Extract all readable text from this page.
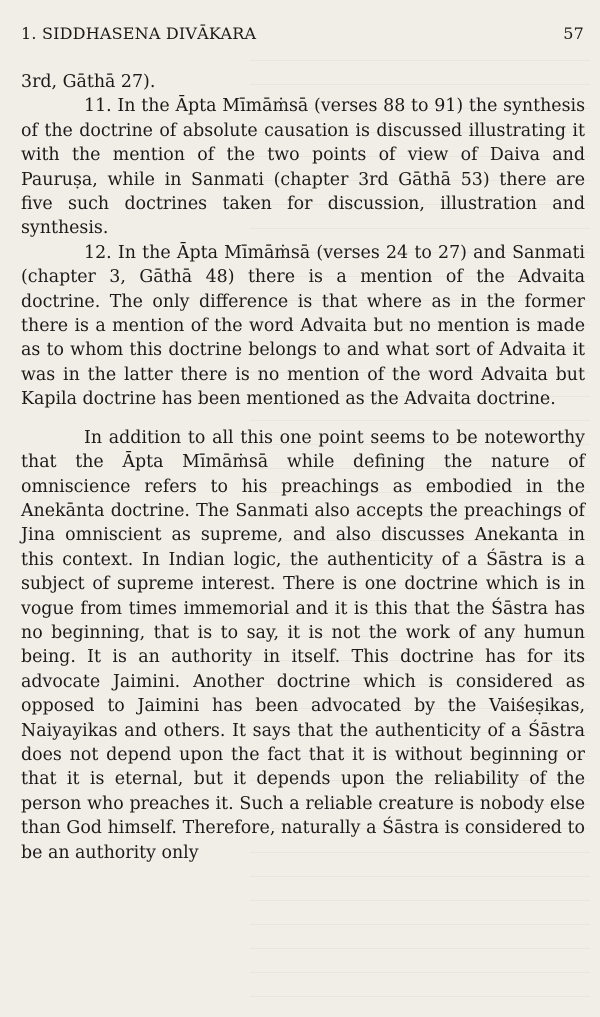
1. SIDDHASENA DIVĀKARA	57

3rd, Gāthā 27).

11. In the Āpta Mīmāṁsā (verses 88 to 91) the synthesis of the doctrine of absolute causation is discussed illustrating it with the mention of the two points of view of Daiva and Pauruṣa, while in Sanmati (chapter 3rd Gāthā 53) there are five such doctrines taken for discussion, illustration and synthesis.

12. In the Āpta Mīmāṁsā (verses 24 to 27) and Sanmati (chapter 3, Gāthā 48) there is a mention of the Advaita doctrine. The only difference is that where as in the former there is a mention of the word Advaita but no mention is made as to whom this doctrine belongs to and what sort of Advaita it was in the latter there is no mention of the word Advaita but Kapila doctrine has been mentioned as the Advaita doctrine.

In addition to all this one point seems to be noteworthy that the Āpta Mīmāṁsā while defining the nature of omniscience refers to his preachings as embodied in the Anekānta doctrine. The Sanmati also accepts the preachings of Jina omniscient as supreme, and also discusses Anekanta in this context. In Indian logic, the authenticity of a Śāstra is a subject of supreme interest. There is one doctrine which is in vogue from times immemorial and it is this that the Śāstra has no beginning, that is to say, it is not the work of any humun being. It is an authority in itself. This doctrine has for its advocate Jaimini. Another doctrine which is considered as opposed to Jaimini has been advocated by the Vaiśeṣikas, Naiyayikas and others. It says that the authenticity of a Śāstra does not depend upon the fact that it is without beginning or that it is eternal, but it depends upon the reliability of the person who preaches it. Such a reliable creature is nobody else than God himself. Therefore, naturally a Śāstra is considered to be an authority only
